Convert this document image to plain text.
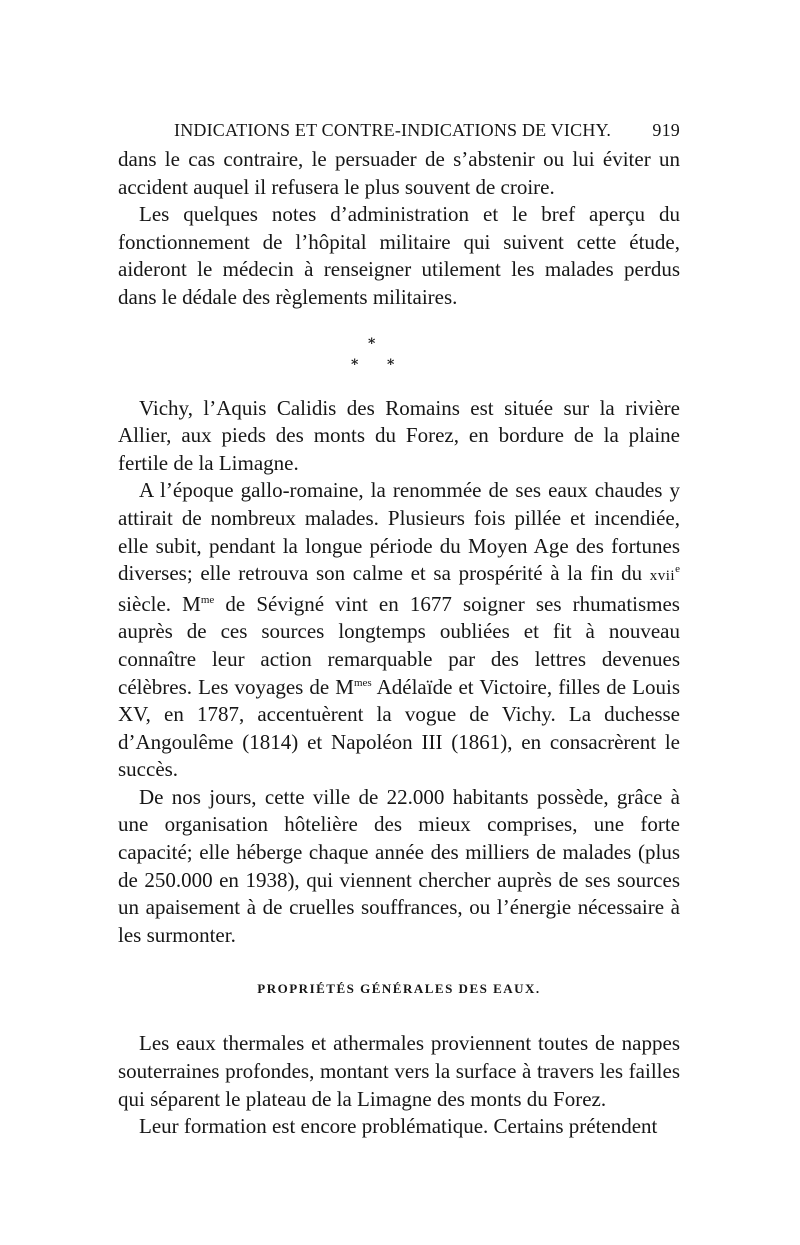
INDICATIONS ET CONTRE-INDICATIONS DE VICHY. 919

dans le cas contraire, le persuader de s’abstenir ou lui éviter un accident auquel il refusera le plus souvent de croire.

Les quelques notes d’administration et le bref aperçu du fonctionnement de l’hôpital militaire qui suivent cette étude, aideront le médecin à renseigner utilement les malades perdus dans le dédale des règlements militaires.

*
* *

Vichy, l’Aquis Calidis des Romains est située sur la rivière Allier, aux pieds des monts du Forez, en bordure de la plaine fertile de la Limagne.

A l’époque gallo-romaine, la renommée de ses eaux chaudes y attirait de nombreux malades. Plusieurs fois pillée et incendiée, elle subit, pendant la longue période du Moyen Age des fortunes diverses; elle retrouva son calme et sa prospérité à la fin du xvii$^e$ siècle. $M^{me}$ de Sévigné vint en 1677 soigner ses rhumatismes auprès de ces sources longtemps oubliées et fit à nouveau connaître leur action remarquable par des lettres devenues célèbres. Les voyages de $M^{mes}$ Adélaïde et Victoire, filles de Louis XV, en 1787, accentuèrent la vogue de Vichy. La duchesse d’Angoulême (1814) et Napoléon III (1861), en consacrèrent le succès.

De nos jours, cette ville de 22.000 habitants possède, grâce à une organisation hôtelière des mieux comprises, une forte capacité; elle héberge chaque année des milliers de malades (plus de 250.000 en 1938), qui viennent chercher auprès de ses sources un apaisement à de cruelles souffrances, ou l’énergie nécessaire à les surmonter.

PROPRIÉTÉS GÉNÉRALES DES EAUX.

Les eaux thermales et athermales proviennent toutes de nappes souterraines profondes, montant vers la surface à travers les failles qui séparent le plateau de la Limagne des monts du Forez.

Leur formation est encore problématique. Certains prétendent
